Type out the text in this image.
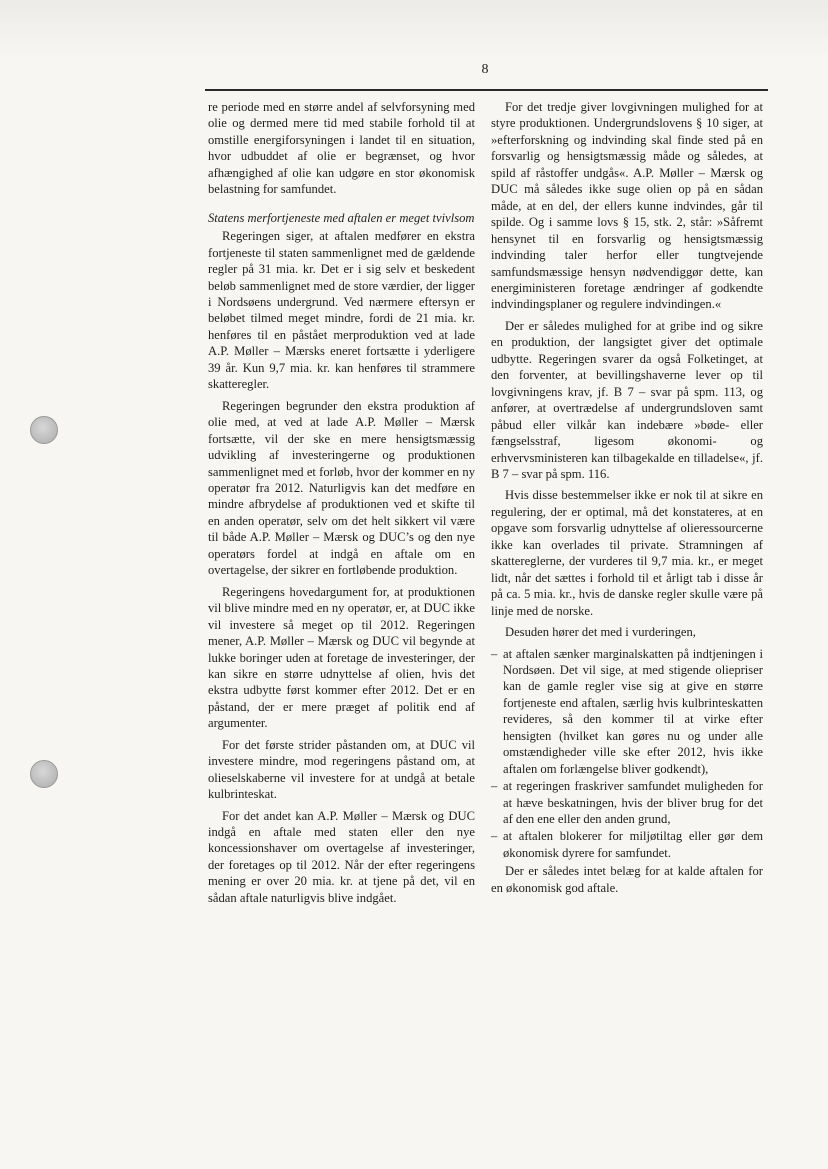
8

re periode med en større andel af selvforsyning med olie og dermed mere tid med stabile forhold til at omstille energiforsyningen i landet til en situation, hvor udbuddet af olie er begrænset, og hvor afhængighed af olie kan udgøre en stor økonomisk belastning for samfundet.

Statens merfortjeneste med aftalen er meget tvivlsom

Regeringen siger, at aftalen medfører en ekstra fortjeneste til staten sammenlignet med de gældende regler på 31 mia. kr. Det er i sig selv et beskedent beløb sammenlignet med de store værdier, der ligger i Nordsøens undergrund. Ved nærmere eftersyn er beløbet tilmed meget mindre, fordi de 21 mia. kr. henføres til en påstået merproduktion ved at lade A.P. Møller – Mærsks eneret fortsætte i yderligere 39 år. Kun 9,7 mia. kr. kan henføres til strammere skatteregler.

Regeringen begrunder den ekstra produktion af olie med, at ved at lade A.P. Møller – Mærsk fortsætte, vil der ske en mere hensigtsmæssig udvikling af investeringerne og produktionen sammenlignet med et forløb, hvor der kommer en ny operatør fra 2012. Naturligvis kan det medføre en mindre afbrydelse af produktionen ved et skifte til en anden operatør, selv om det helt sikkert vil være til både A.P. Møller – Mærsk og DUC’s og den nye operatørs fordel at indgå en aftale om en overtagelse, der sikrer en fortløbende produktion.

Regeringens hovedargument for, at produktionen vil blive mindre med en ny operatør, er, at DUC ikke vil investere så meget op til 2012. Regeringen mener, A.P. Møller – Mærsk og DUC vil begynde at lukke boringer uden at foretage de investeringer, der kan sikre en større udnyttelse af olien, hvis det ekstra udbytte først kommer efter 2012. Det er en påstand, der er mere præget af politik end af argumenter.

For det første strider påstanden om, at DUC vil investere mindre, mod regeringens påstand om, at olieselskaberne vil investere for at undgå at betale kulbrinteskat.

For det andet kan A.P. Møller – Mærsk og DUC indgå en aftale med staten eller den nye koncessionshaver om overtagelse af investeringer, der foretages op til 2012. Når der efter regeringens mening er over 20 mia. kr. at tjene på det, vil en sådan aftale naturligvis blive indgået.

For det tredje giver lovgivningen mulighed for at styre produktionen. Undergrundslovens § 10 siger, at »efterforskning og indvinding skal finde sted på en forsvarlig og hensigtsmæssig måde og således, at spild af råstoffer undgås«. A.P. Møller – Mærsk og DUC må således ikke suge olien op på en sådan måde, at en del, der ellers kunne indvindes, går til spilde. Og i samme lovs § 15, stk. 2, står: »Såfremt hensynet til en forsvarlig og hensigtsmæssig indvinding taler herfor eller tungtvejende samfundsmæssige hensyn nødvendiggør dette, kan energiministeren foretage ændringer af godkendte indvindingsplaner og regulere indvindingen.«

Der er således mulighed for at gribe ind og sikre en produktion, der langsigtet giver det optimale udbytte. Regeringen svarer da også Folketinget, at den forventer, at bevillingshaverne lever op til lovgivningens krav, jf. B 7 – svar på spm. 113, og anfører, at overtrædelse af undergrundsloven samt påbud eller vilkår kan indebære »bøde- eller fængselsstraf, ligesom økonomi- og erhvervsministeren kan tilbagekalde en tilladelse«, jf. B 7 – svar på spm. 116.

Hvis disse bestemmelser ikke er nok til at sikre en regulering, der er optimal, må det konstateres, at en opgave som forsvarlig udnyttelse af olieressourcerne ikke kan overlades til private. Stramningen af skattereglerne, der vurderes til 9,7 mia. kr., er meget lidt, når det sættes i forhold til et årligt tab i disse år på ca. 5 mia. kr., hvis de danske regler skulle være på linje med de norske.

Desuden hører det med i vurderingen,

– at aftalen sænker marginalskatten på indtjeningen i Nordsøen. Det vil sige, at med stigende oliepriser kan de gamle regler vise sig at give en større fortjeneste end aftalen, særlig hvis kulbrinteskatten revideres, så den kommer til at virke efter hensigten (hvilket kan gøres nu og under alle omstændigheder ville ske efter 2012, hvis ikke aftalen om forlængelse bliver godkendt),
– at regeringen fraskriver samfundet muligheden for at hæve beskatningen, hvis der bliver brug for det af den ene eller den anden grund,
– at aftalen blokerer for miljøtiltag eller gør dem økonomisk dyrere for samfundet.

Der er således intet belæg for at kalde aftalen for en økonomisk god aftale.
